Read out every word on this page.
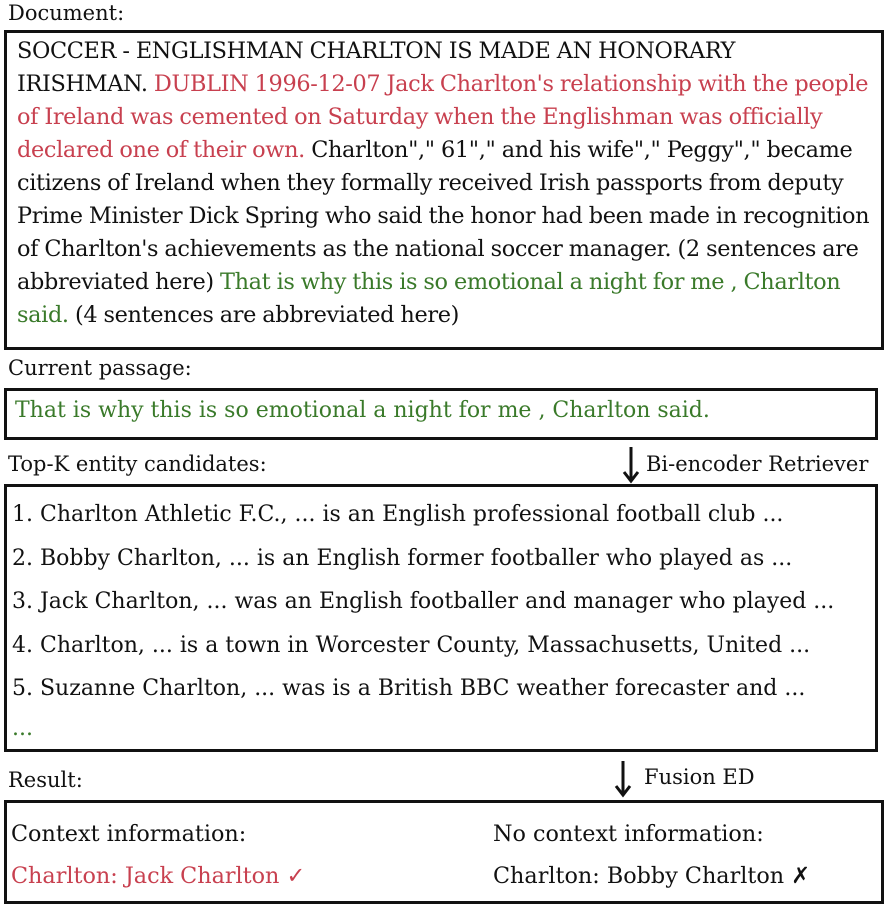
Document:
SOCCER - ENGLISHMAN CHARLTON IS MADE AN HONORARY IRISHMAN. DUBLIN 1996-12-07 Jack Charlton's relationship with the people of Ireland was cemented on Saturday when the Englishman was officially declared one of their own. Charlton"," 61"," and his wife"," Peggy"," became citizens of Ireland when they formally received Irish passports from deputy Prime Minister Dick Spring who said the honor had been made in recognition of Charlton's achievements as the national soccer manager. (2 sentences are abbreviated here) That is why this is so emotional a night for me , Charlton said. (4 sentences are abbreviated here)
Current passage:
That is why this is so emotional a night for me , Charlton said.
Top-K entity candidates:	Bi-encoder Retriever
1. Charlton Athletic F.C., ... is an English professional football club ...
2. Bobby Charlton, ... is an English former footballer who played as ...
3. Jack Charlton, ... was an English footballer and manager who played ...
4. Charlton, ... is a town in Worcester County, Massachusetts, United ...
5. Suzanne Charlton, ... was is a British BBC weather forecaster and ...
...
Result:	Fusion ED
Context information:
Charlton: Jack Charlton ✓
No context information:
Charlton: Bobby Charlton ✗
